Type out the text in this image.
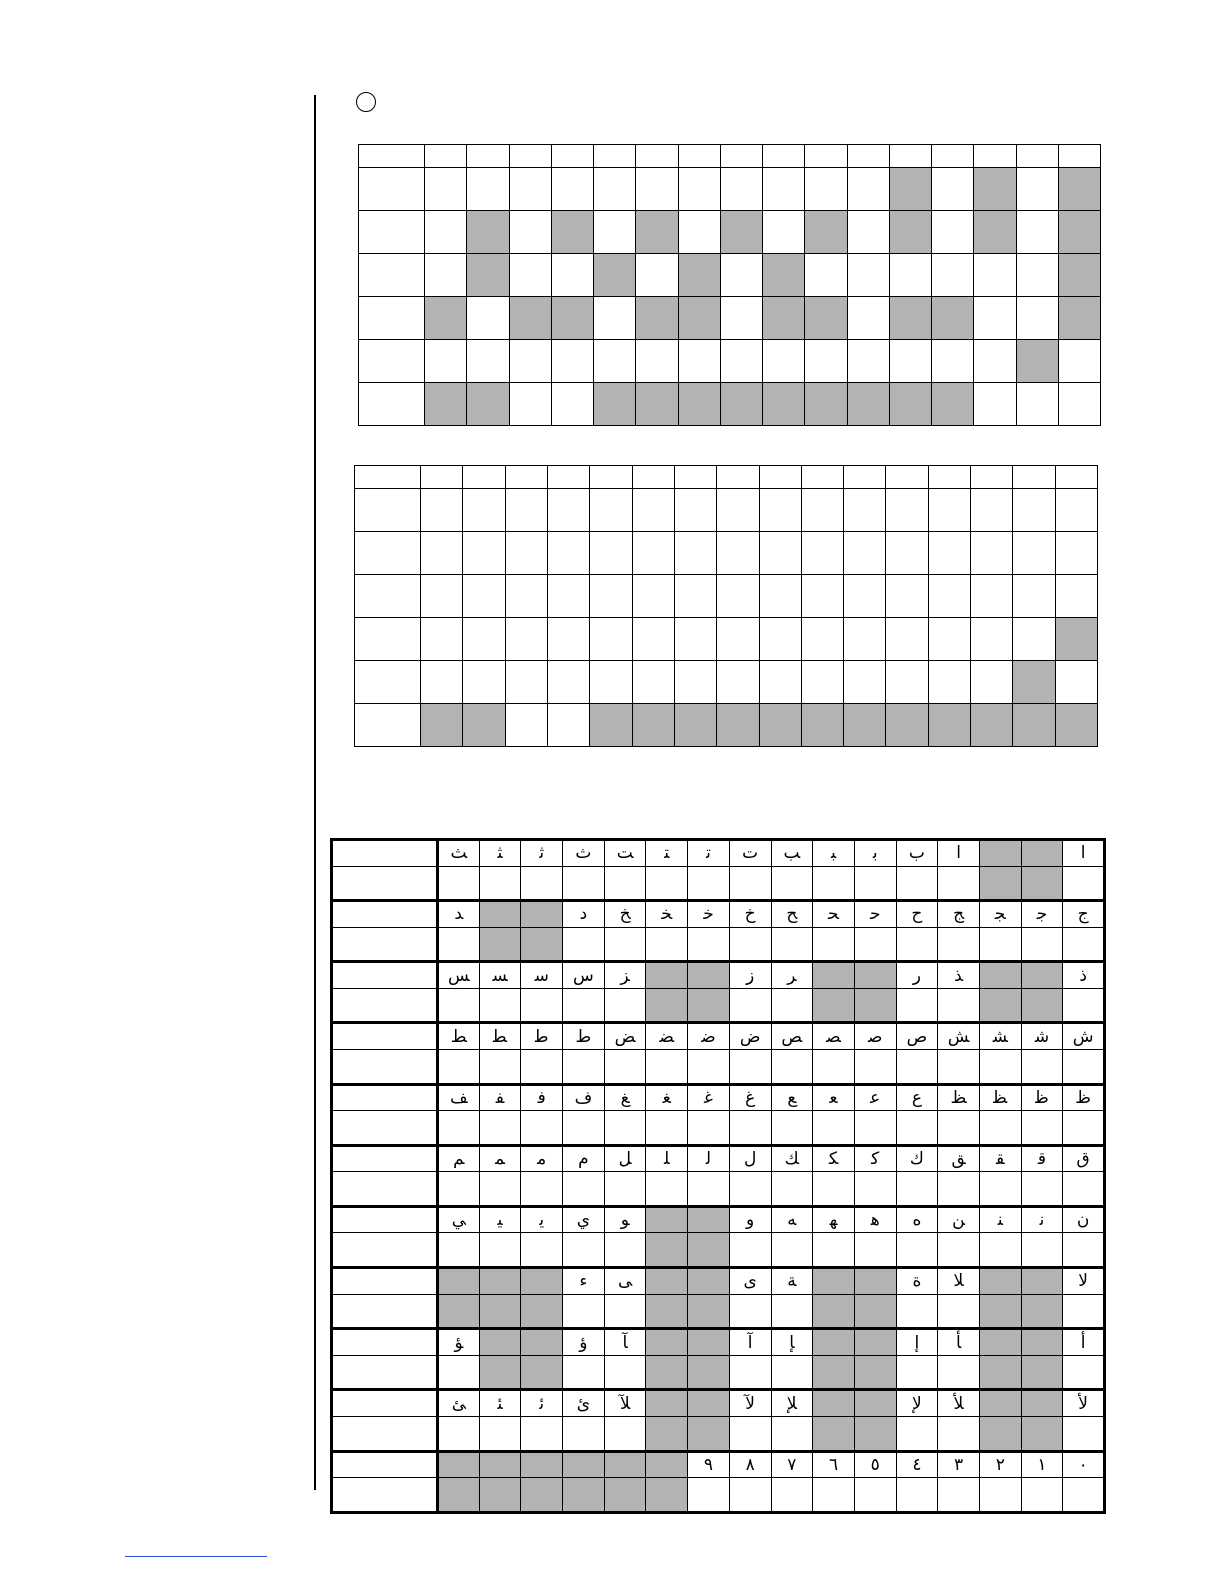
	ﺚ	ﺜ	ﺛ	ث	ﺖ	ﺘ	ﺗ	ت	ﺐ	ﺒ	ﺑ	ب	ا			ا

	ﺪ			د	ﺦ	ﺨ	ﺧ	خ	ﺢ	ﺤ	ﺣ	ح	ﺞ	ﺠ	ﺟ	ج

	ﺲ	ﺴ	ﺳ	س	ﺰ			ز	ﺮ			ر	ﺬ			ذ

	ﻂ	ﻄ	ﻃ	ط	ﺾ	ﻀ	ﺿ	ض	ﺺ	ﺼ	ﺻ	ص	ﺶ	ﺸ	ﺷ	ش

	ﻒ	ﻔ	ﻓ	ف	ﻎ	ﻐ	ﻏ	غ	ﻊ	ﻌ	ﻋ	ع	ﻆ	ﻈ	ﻇ	ظ

	ﻢ	ﻤ	ﻣ	م	ﻞ	ﻠ	ﻟ	ل	ﻚ	ﻜ	ﻛ	ك	ﻖ	ﻘ	ﻗ	ق

	ﻲ	ﻴ	ﻳ	ي	ﻮ			و	ﻪ	ﻬ	ﻫ	ه	ﻦ	ﻨ	ﻧ	ن

				ء	ﻰ			ى	ﺔ			ة	ﻼ			لا

	ﺆ			ؤ	ﺂ			آ	ﺈ			إ	ﺄ			أ

	ﺊ	ﺌ	ﺋ	ئ	ﻶ			لآ	ﻺ			لإ	ﻸ			لأ

							٩	٨	٧	٦	٥	٤	٣	٢	١	٠
